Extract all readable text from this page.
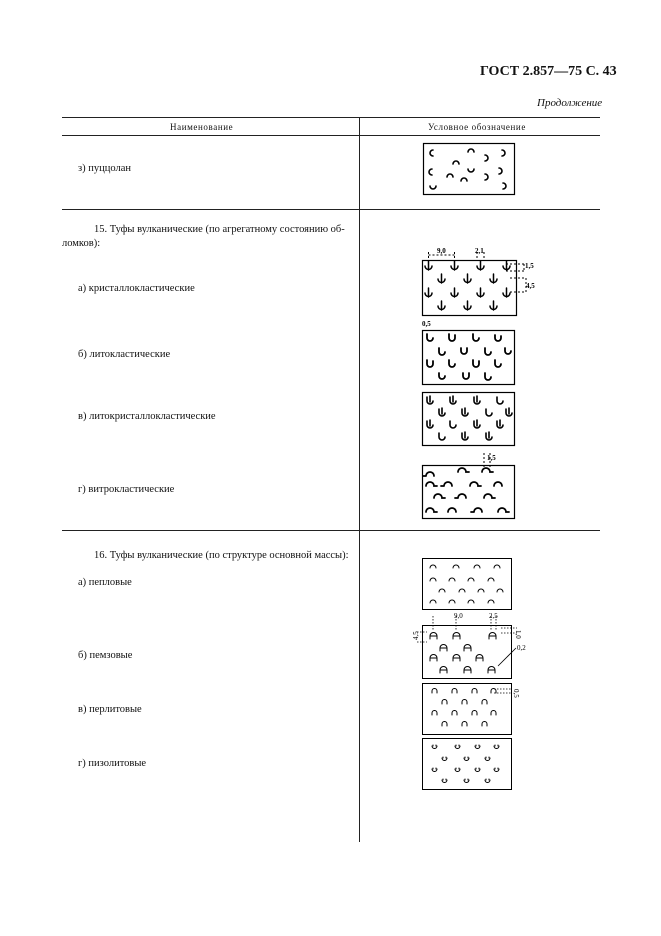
ГОСТ 2.857—75 С. 43
Продолжение
Наименование	Условное обозначение
з) пуццолан
15. Туфы вулканические (по агрегатному состоянию об-
ломков):
а) кристаллокластические
б) литокластические
в) литокристаллокластические
г) витрокластические
16. Туфы вулканические (по структуре основной массы):
а) пепловые
б) пемзовые
в) перлитовые
г) пизолитовые
9,0	2,1
1,5
4,5
0,5
1,5
9,0	2,5
4,5	1,0
0,2
0,5
